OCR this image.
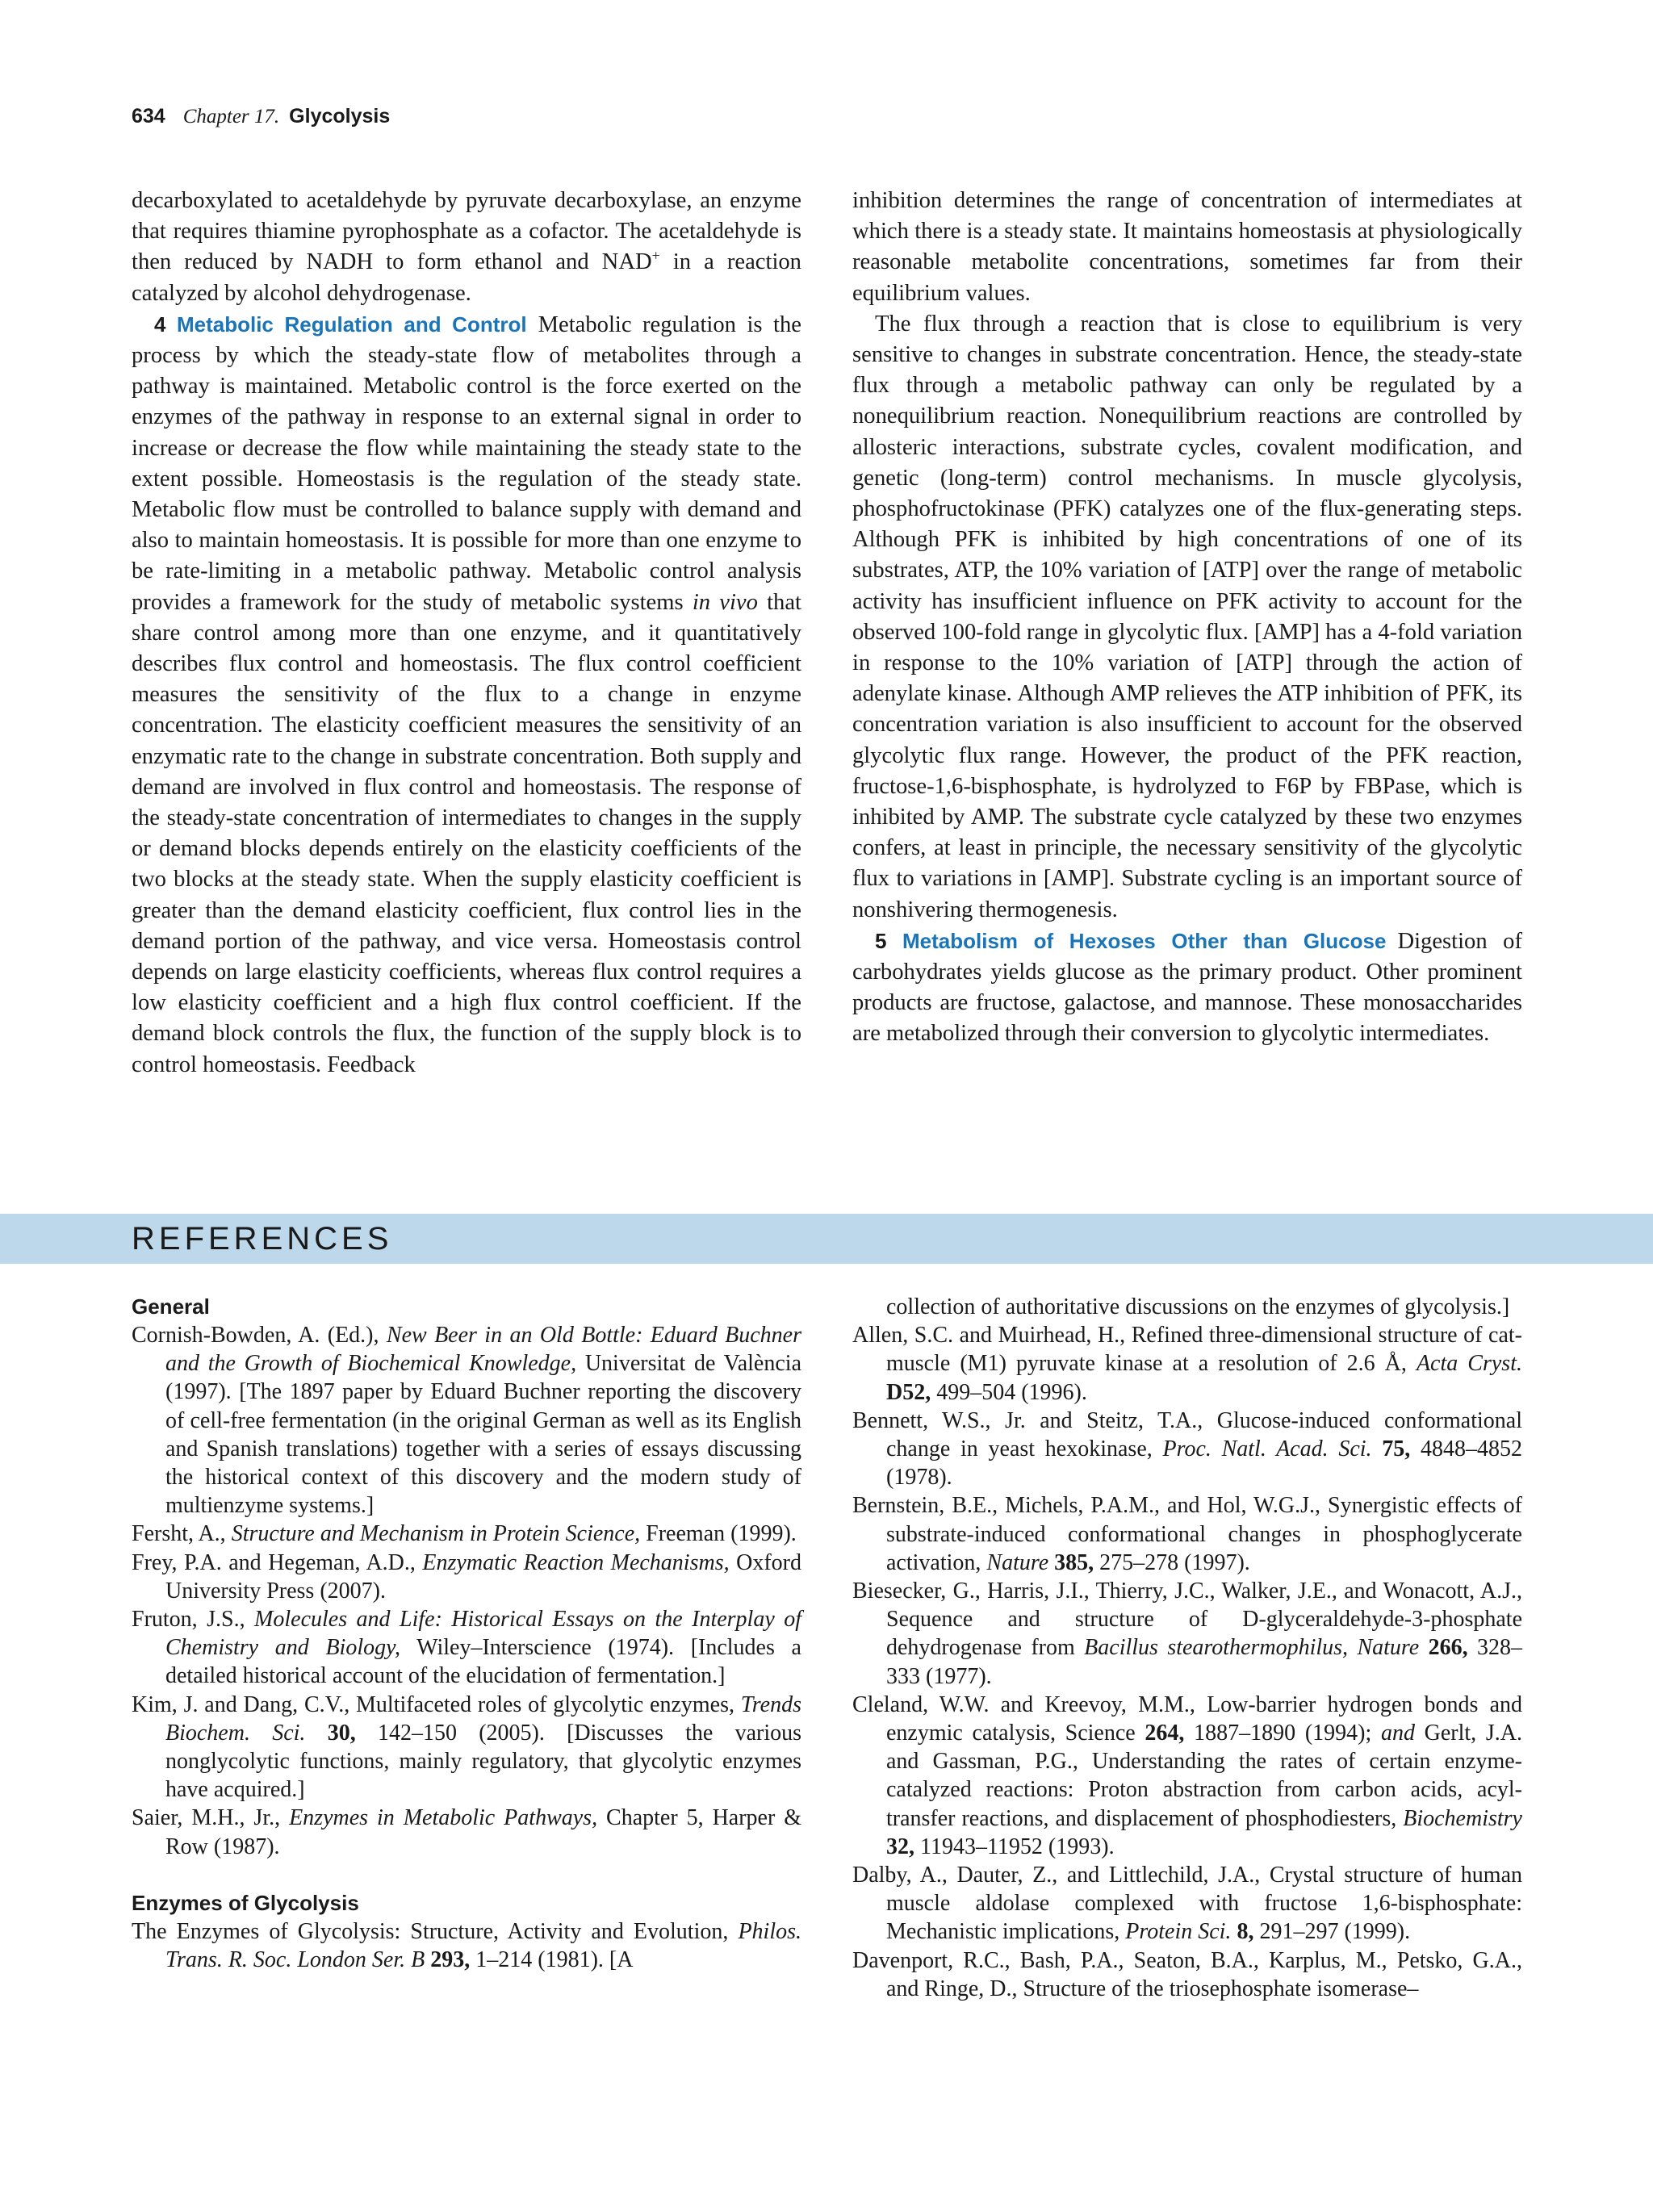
634 Chapter 17. Glycolysis

decarboxylated to acetaldehyde by pyruvate decarboxylase, an enzyme that requires thiamine pyrophosphate as a cofactor. The acetaldehyde is then reduced by NADH to form ethanol and NAD+ in a reaction catalyzed by alcohol dehydrogenase.

4 Metabolic Regulation and Control Metabolic regulation is the process by which the steady-state flow of metabolites through a pathway is maintained. Metabolic control is the force exerted on the enzymes of the pathway in response to an external signal in order to increase or decrease the flow while maintaining the steady state to the extent possible. Homeostasis is the regulation of the steady state. Metabolic flow must be controlled to balance supply with demand and also to maintain homeostasis. It is possible for more than one enzyme to be rate-limiting in a metabolic pathway. Metabolic control analysis provides a framework for the study of metabolic systems in vivo that share control among more than one enzyme, and it quantitatively describes flux control and homeostasis. The flux control coefficient measures the sensitivity of the flux to a change in enzyme concentration. The elasticity coefficient measures the sensitivity of an enzymatic rate to the change in substrate concentration. Both supply and demand are involved in flux control and homeostasis. The response of the steady-state concentration of intermediates to changes in the supply or demand blocks depends entirely on the elasticity coefficients of the two blocks at the steady state. When the supply elasticity coefficient is greater than the demand elasticity coefficient, flux control lies in the demand portion of the pathway, and vice versa. Homeostasis control depends on large elasticity coefficients, whereas flux control requires a low elasticity coefficient and a high flux control coefficient. If the demand block controls the flux, the function of the supply block is to control homeostasis. Feedback

inhibition determines the range of concentration of intermediates at which there is a steady state. It maintains homeostasis at physiologically reasonable metabolite concentrations, sometimes far from their equilibrium values.

The flux through a reaction that is close to equilibrium is very sensitive to changes in substrate concentration. Hence, the steady-state flux through a metabolic pathway can only be regulated by a nonequilibrium reaction. Nonequilibrium reactions are controlled by allosteric interactions, substrate cycles, covalent modification, and genetic (long-term) control mechanisms. In muscle glycolysis, phosphofructokinase (PFK) catalyzes one of the flux-generating steps. Although PFK is inhibited by high concentrations of one of its substrates, ATP, the 10% variation of [ATP] over the range of metabolic activity has insufficient influence on PFK activity to account for the observed 100-fold range in glycolytic flux. [AMP] has a 4-fold variation in response to the 10% variation of [ATP] through the action of adenylate kinase. Although AMP relieves the ATP inhibition of PFK, its concentration variation is also insufficient to account for the observed glycolytic flux range. However, the product of the PFK reaction, fructose-1,6-bisphosphate, is hydrolyzed to F6P by FBPase, which is inhibited by AMP. The substrate cycle catalyzed by these two enzymes confers, at least in principle, the necessary sensitivity of the glycolytic flux to variations in [AMP]. Substrate cycling is an important source of nonshivering thermogenesis.

5 Metabolism of Hexoses Other than Glucose Digestion of carbohydrates yields glucose as the primary product. Other prominent products are fructose, galactose, and mannose. These monosaccharides are metabolized through their conversion to glycolytic intermediates.

REFERENCES

General

Cornish-Bowden, A. (Ed.), New Beer in an Old Bottle: Eduard Buchner and the Growth of Biochemical Knowledge, Universitat de València (1997). [The 1897 paper by Eduard Buchner reporting the discovery of cell-free fermentation (in the original German as well as its English and Spanish translations) together with a series of essays discussing the historical context of this discovery and the modern study of multienzyme systems.]

Fersht, A., Structure and Mechanism in Protein Science, Freeman (1999).

Frey, P.A. and Hegeman, A.D., Enzymatic Reaction Mechanisms, Oxford University Press (2007).

Fruton, J.S., Molecules and Life: Historical Essays on the Interplay of Chemistry and Biology, Wiley–Interscience (1974). [Includes a detailed historical account of the elucidation of fermentation.]

Kim, J. and Dang, C.V., Multifaceted roles of glycolytic enzymes, Trends Biochem. Sci. 30, 142–150 (2005). [Discusses the various nonglycolytic functions, mainly regulatory, that glycolytic enzymes have acquired.]

Saier, M.H., Jr., Enzymes in Metabolic Pathways, Chapter 5, Harper & Row (1987).

Enzymes of Glycolysis

The Enzymes of Glycolysis: Structure, Activity and Evolution, Philos. Trans. R. Soc. London Ser. B 293, 1–214 (1981). [A

collection of authoritative discussions on the enzymes of glycolysis.]

Allen, S.C. and Muirhead, H., Refined three-dimensional structure of cat-muscle (M1) pyruvate kinase at a resolution of 2.6 Å, Acta Cryst. D52, 499–504 (1996).

Bennett, W.S., Jr. and Steitz, T.A., Glucose-induced conformational change in yeast hexokinase, Proc. Natl. Acad. Sci. 75, 4848–4852 (1978).

Bernstein, B.E., Michels, P.A.M., and Hol, W.G.J., Synergistic effects of substrate-induced conformational changes in phosphoglycerate activation, Nature 385, 275–278 (1997).

Biesecker, G., Harris, J.I., Thierry, J.C., Walker, J.E., and Wonacott, A.J., Sequence and structure of D-glyceraldehyde-3-phosphate dehydrogenase from Bacillus stearothermophilus, Nature 266, 328–333 (1977).

Cleland, W.W. and Kreevoy, M.M., Low-barrier hydrogen bonds and enzymic catalysis, Science 264, 1887–1890 (1994); and Gerlt, J.A. and Gassman, P.G., Understanding the rates of certain enzyme-catalyzed reactions: Proton abstraction from carbon acids, acyl-transfer reactions, and displacement of phosphodiesters, Biochemistry 32, 11943–11952 (1993).

Dalby, A., Dauter, Z., and Littlechild, J.A., Crystal structure of human muscle aldolase complexed with fructose 1,6-bisphosphate: Mechanistic implications, Protein Sci. 8, 291–297 (1999).

Davenport, R.C., Bash, P.A., Seaton, B.A., Karplus, M., Petsko, G.A., and Ringe, D., Structure of the triosephosphate isomerase–
